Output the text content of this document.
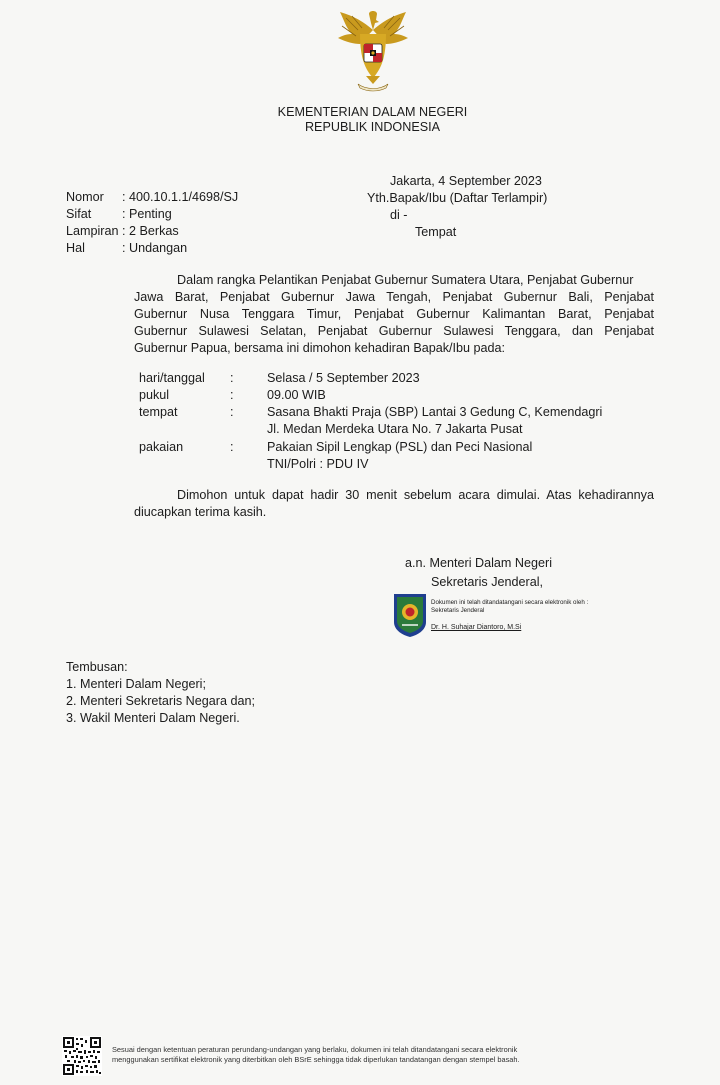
KEMENTERIAN DALAM NEGERI
REPUBLIK INDONESIA
Jakarta, 4 September 2023
Yth.Bapak/Ibu (Daftar Terlampir)
di -
Tempat
Nomor : 400.10.1.1/4698/SJ
Sifat : Penting
Lampiran : 2 Berkas
Hal	: Undangan
Dalam rangka Pelantikan Penjabat Gubernur Sumatera Utara, Penjabat Gubernur
Jawa Barat, Penjabat Gubernur Jawa Tengah, Penjabat Gubernur Bali, Penjabat
Gubernur Nusa Tenggara Timur, Penjabat Gubernur Kalimantan Barat, Penjabat
Gubernur Sulawesi Selatan, Penjabat Gubernur Sulawesi Tenggara, dan Penjabat
Gubernur Papua, bersama ini dimohon kehadiran Bapak/Ibu pada:
hari/tanggal :	Selasa / 5 September 2023
pukul	:	09.00 WIB
tempat	:	Sasana Bhakti Praja (SBP) Lantai 3 Gedung C, Kemendagri
Jl. Medan Merdeka Utara No. 7 Jakarta Pusat
pakaian	:	Pakaian Sipil Lengkap (PSL) dan Peci Nasional
TNI/Polri : PDU IV
Dimohon untuk dapat hadir 30 menit sebelum acara dimulai. Atas kehadirannya
diucapkan terima kasih.
a.n. Menteri Dalam Negeri
Sekretaris Jenderal,
Dokumen ini telah ditandatangani secara elektronik oleh :
Sekretaris Jenderal
Dr. H. Suhajar Diantoro, M.Si
Tembusan:
1. Menteri Dalam Negeri;
2. Menteri Sekretaris Negara dan;
3. Wakil Menteri Dalam Negeri.
Sesuai dengan ketentuan peraturan perundang-undangan yang berlaku, dokumen ini telah ditandatangani secara elektronik
menggunakan sertifikat elektronik yang diterbitkan oleh BSrE sehingga tidak diperlukan tandatangan dengan stempel basah.
